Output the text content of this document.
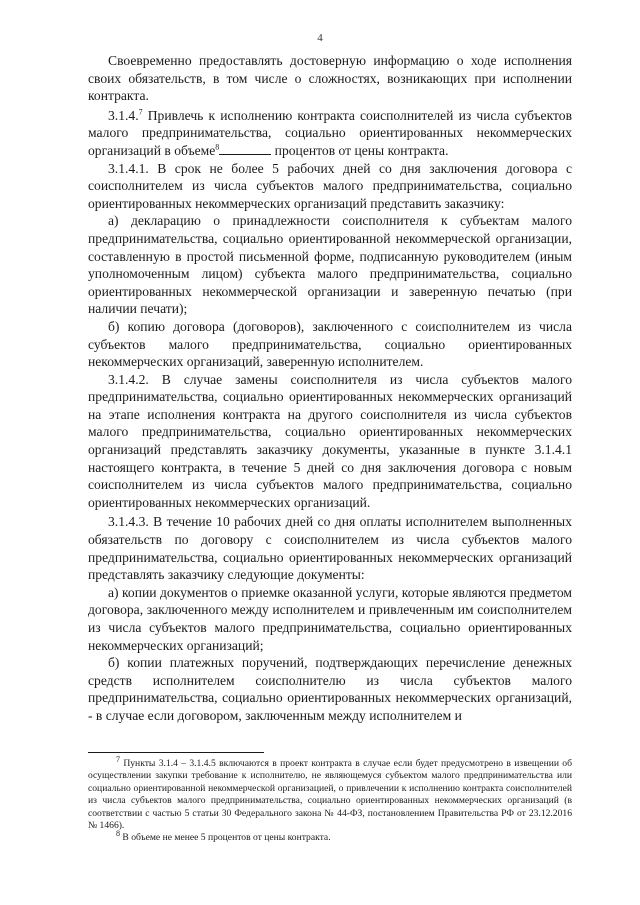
4

Своевременно предоставлять достоверную информацию о ходе исполнения своих обязательств, в том числе о сложностях, возникающих при исполнении контракта.

3.1.4.$^7$ Привлечь к исполнению контракта соисполнителей из числа субъектов малого предпринимательства, социально ориентированных некоммерческих организаций в объеме$^8$	процентов от цены контракта.

3.1.4.1. В срок не более 5 рабочих дней со дня заключения договора с соисполнителем из числа субъектов малого предпринимательства, социально ориентированных некоммерческих организаций представить заказчику:

а) декларацию о принадлежности соисполнителя к субъектам малого предпринимательства, социально ориентированной некоммерческой организации, составленную в простой письменной форме, подписанную руководителем (иным уполномоченным лицом) субъекта малого предпринимательства, социально ориентированных некоммерческой организации и заверенную печатью (при наличии печати);

б) копию договора (договоров), заключенного с соисполнителем из числа субъектов малого предпринимательства, социально ориентированных некоммерческих организаций, заверенную исполнителем.

3.1.4.2. В случае замены соисполнителя из числа субъектов малого предпринимательства, социально ориентированных некоммерческих организаций на этапе исполнения контракта на другого соисполнителя из числа субъектов малого предпринимательства, социально ориентированных некоммерческих организаций представлять заказчику документы, указанные в пункте 3.1.4.1 настоящего контракта, в течение 5 дней со дня заключения договора с новым соисполнителем из числа субъектов малого предпринимательства, социально ориентированных некоммерческих организаций.

3.1.4.3. В течение 10 рабочих дней со дня оплаты исполнителем выполненных обязательств по договору с соисполнителем из числа субъектов малого предпринимательства, социально ориентированных некоммерческих организаций представлять заказчику следующие документы:

а) копии документов о приемке оказанной услуги, которые являются предметом договора, заключенного между исполнителем и привлеченным им соисполнителем из числа субъектов малого предпринимательства, социально ориентированных некоммерческих организаций;

б) копии платежных поручений, подтверждающих перечисление денежных средств исполнителем соисполнителю из числа субъектов малого предпринимательства, социально ориентированных некоммерческих организаций, - в случае если договором, заключенным между исполнителем и

$^7$ Пункты 3.1.4 – 3.1.4.5 включаются в проект контракта в случае если будет предусмотрено в извещении об осуществлении закупки требование к исполнителю, не являющемуся субъектом малого предпринимательства или социально ориентированной некоммерческой организацией, о привлечении к исполнению контракта соисполнителей из числа субъектов малого предпринимательства, социально ориентированных некоммерческих организаций (в соответствии с частью 5 статьи 30 Федерального закона № 44-ФЗ, постановлением Правительства РФ от 23.12.2016 № 1466).

$^8$ В объеме не менее 5 процентов от цены контракта.
